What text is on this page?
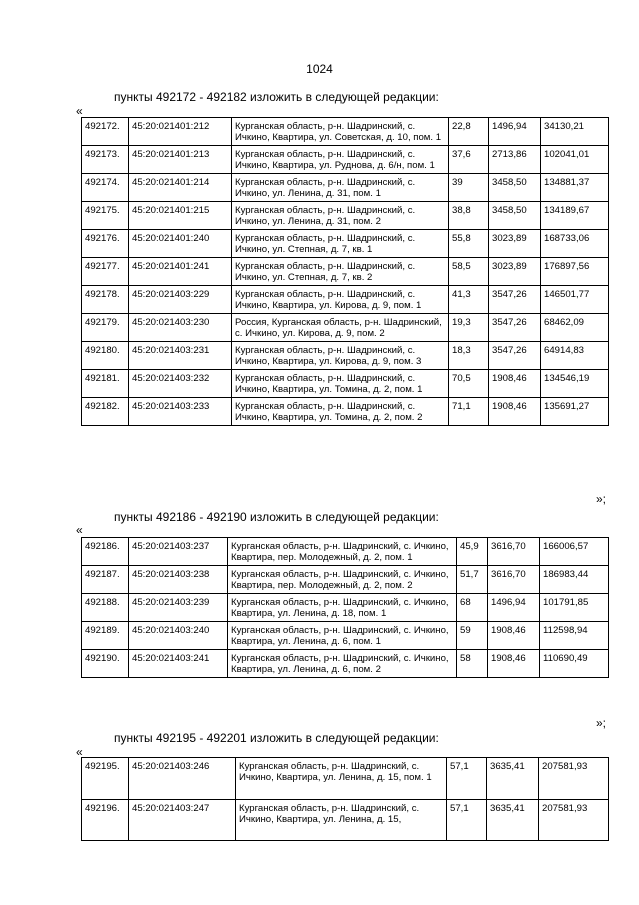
1024
пункты 492172 - 492182 изложить в следующей редакции:
«
492172.	45:20:021401:212	Курганская область, р-н. Шадринский, с. Ичкино, Квартира, ул. Советская, д. 10, пом. 1	22,8	1496,94	34130,21
492173.	45:20:021401:213	Курганская область, р-н. Шадринский, с. Ичкино, Квартира, ул. Руднова, д. 6/н, пом. 1	37,6	2713,86	102041,01
492174.	45:20:021401:214	Курганская область, р-н. Шадринский, с. Ичкино, ул. Ленина, д. 31, пом. 1	39	3458,50	134881,37
492175.	45:20:021401:215	Курганская область, р-н. Шадринский, с. Ичкино, ул. Ленина, д. 31, пом. 2	38,8	3458,50	134189,67
492176.	45:20:021401:240	Курганская область, р-н. Шадринский, с. Ичкино, ул. Степная, д. 7, кв. 1	55,8	3023,89	168733,06
492177.	45:20:021401:241	Курганская область, р-н. Шадринский, с. Ичкино, ул. Степная, д. 7, кв. 2	58,5	3023,89	176897,56
492178.	45:20:021403:229	Курганская область, р-н. Шадринский, с. Ичкино, Квартира, ул. Кирова, д. 9, пом. 1	41,3	3547,26	146501,77
492179.	45:20:021403:230	Россия, Курганская область, р-н. Шадринский, с. Ичкино, ул. Кирова, д. 9, пом. 2	19,3	3547,26	68462,09
492180.	45:20:021403:231	Курганская область, р-н. Шадринский, с. Ичкино, Квартира, ул. Кирова, д. 9, пом. 3	18,3	3547,26	64914,83
492181.	45:20:021403:232	Курганская область, р-н. Шадринский, с. Ичкино, Квартира, ул. Томина, д. 2, пом. 1	70,5	1908,46	134546,19
492182.	45:20:021403:233	Курганская область, р-н. Шадринский, с. Ичкино, Квартира, ул. Томина, д. 2, пом. 2	71,1	1908,46	135691,27
»;
пункты 492186 - 492190 изложить в следующей редакции:
«
492186.	45:20:021403:237	Курганская область, р-н. Шадринский, с. Ичкино, Квартира, пер. Молодежный, д. 2, пом. 1	45,9	3616,70	166006,57
492187.	45:20:021403:238	Курганская область, р-н. Шадринский, с. Ичкино, Квартира, пер. Молодежный, д. 2, пом. 2	51,7	3616,70	186983,44
492188.	45:20:021403:239	Курганская область, р-н. Шадринский, с. Ичкино, Квартира, ул. Ленина, д. 18, пом. 1	68	1496,94	101791,85
492189.	45:20:021403:240	Курганская область, р-н. Шадринский, с. Ичкино, Квартира, ул. Ленина, д. 6, пом. 1	59	1908,46	112598,94
492190.	45:20:021403:241	Курганская область, р-н. Шадринский, с. Ичкино, Квартира, ул. Ленина, д. 6, пом. 2	58	1908,46	110690,49
»;
пункты 492195 - 492201 изложить в следующей редакции:
«
492195.	45:20:021403:246	Курганская область, р-н. Шадринский, с. Ичкино, Квартира, ул. Ленина, д. 15, пом. 1	57,1	3635,41	207581,93
492196.	45:20:021403:247	Курганская область, р-н. Шадринский, с. Ичкино, Квартира, ул. Ленина, д. 15,	57,1	3635,41	207581,93
